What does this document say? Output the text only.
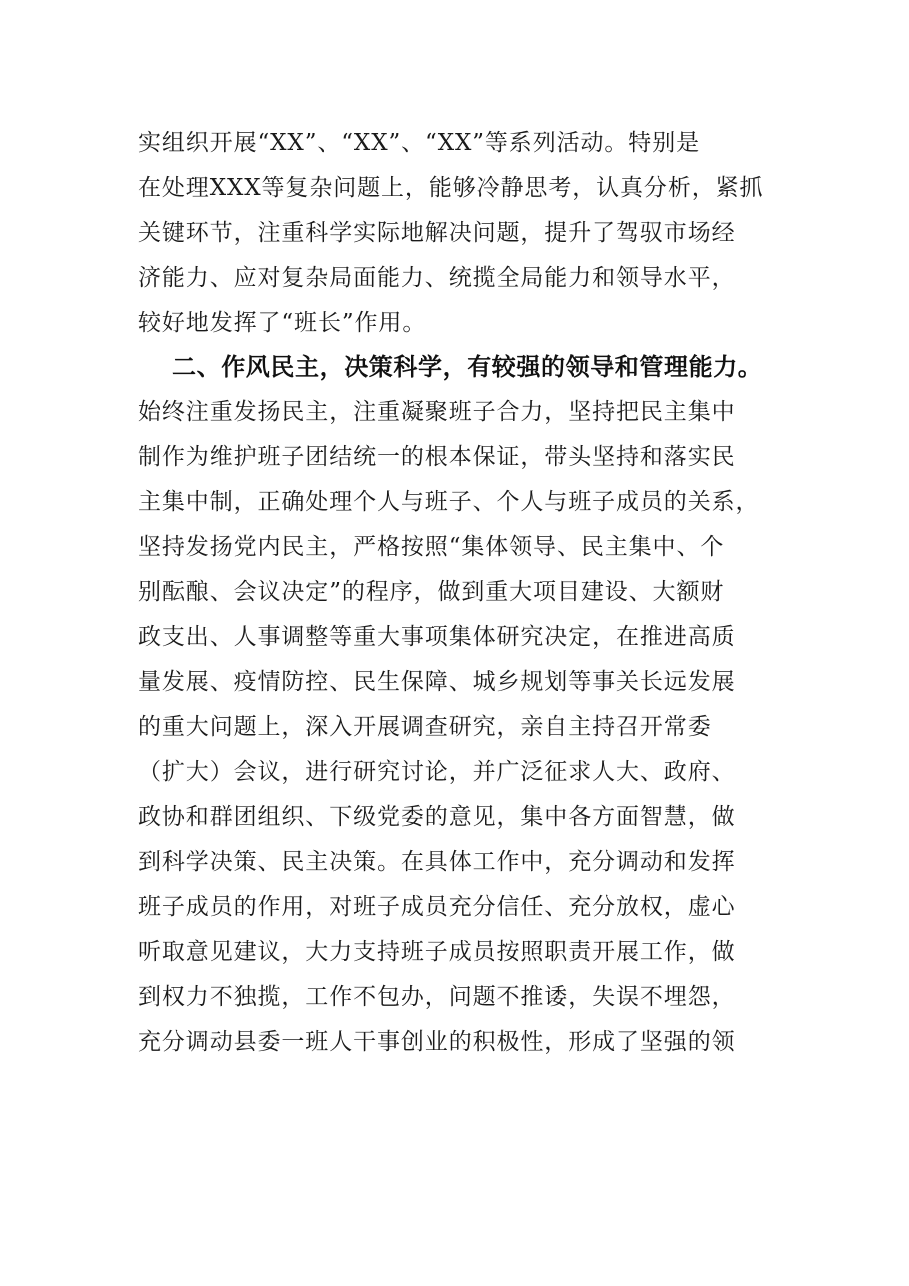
实组织开展“XX”、“XX”、“XX”等系列活动。特别是
在处理XXX等复杂问题上，能够冷静思考，认真分析，紧抓
关键环节，注重科学实际地解决问题，提升了驾驭市场经
济能力、应对复杂局面能力、统揽全局能力和领导水平，
较好地发挥了“班长”作用。
二、作风民主，决策科学，有较强的领导和管理能力。
始终注重发扬民主，注重凝聚班子合力，坚持把民主集中
制作为维护班子团结统一的根本保证，带头坚持和落实民
主集中制，正确处理个人与班子、个人与班子成员的关系，
坚持发扬党内民主，严格按照“集体领导、民主集中、个
别酝酿、会议决定”的程序，做到重大项目建设、大额财
政支出、人事调整等重大事项集体研究决定，在推进高质
量发展、疫情防控、民生保障、城乡规划等事关长远发展
的重大问题上，深入开展调查研究，亲自主持召开常委
（扩大）会议，进行研究讨论，并广泛征求人大、政府、
政协和群团组织、下级党委的意见，集中各方面智慧，做
到科学决策、民主决策。在具体工作中，充分调动和发挥
班子成员的作用，对班子成员充分信任、充分放权，虚心
听取意见建议，大力支持班子成员按照职责开展工作，做
到权力不独揽，工作不包办，问题不推诿，失误不埋怨，
充分调动县委一班人干事创业的积极性，形成了坚强的领
